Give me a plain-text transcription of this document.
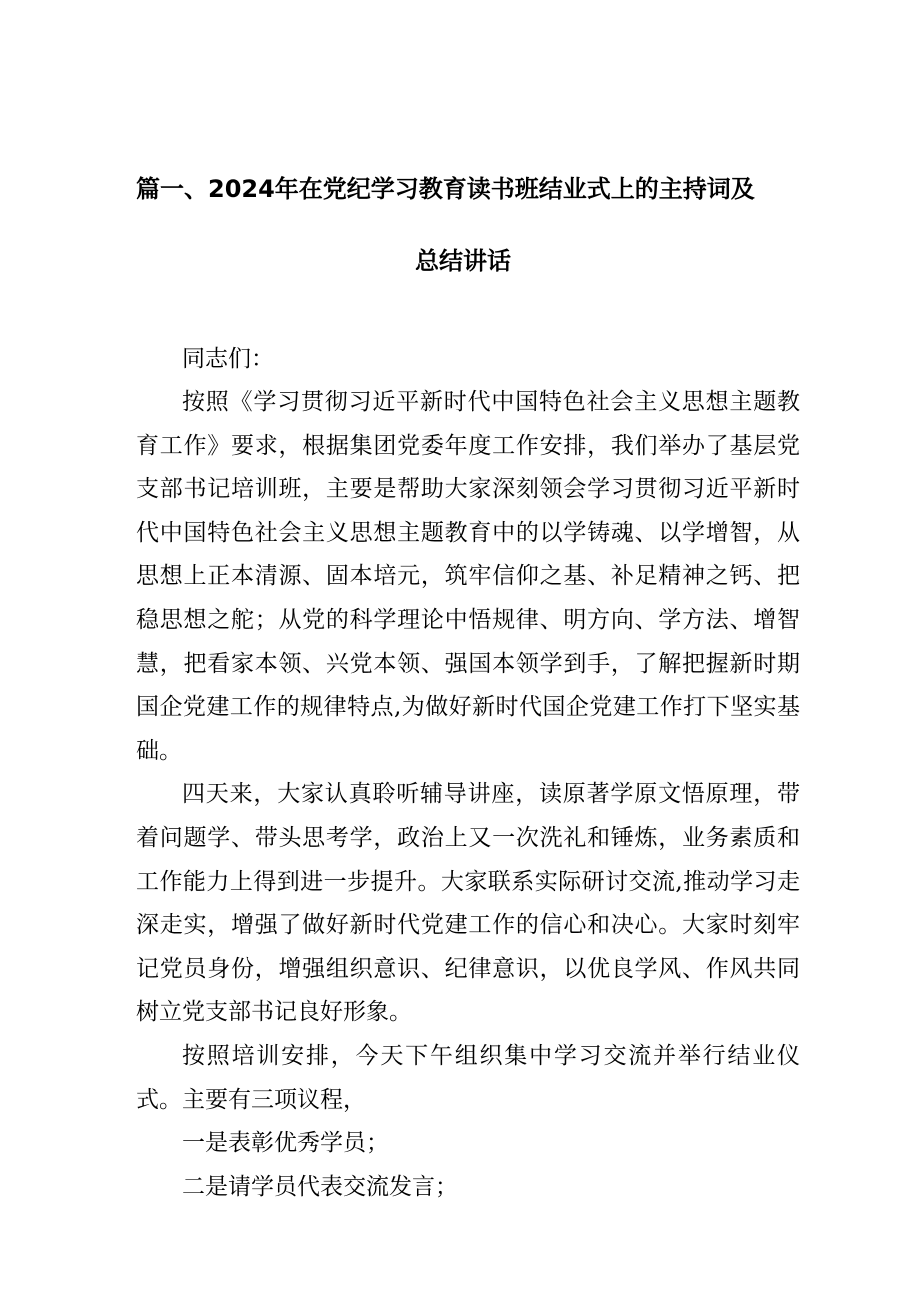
篇一、2024年在党纪学习教育读书班结业式上的主持词及
总结讲话

同志们：

按照《学习贯彻习近平新时代中国特色社会主义思想主题教育工作》要求，根据集团党委年度工作安排，我们举办了基层党支部书记培训班，主要是帮助大家深刻领会学习贯彻习近平新时代中国特色社会主义思想主题教育中的以学铸魂、以学增智，从思想上正本清源、固本培元，筑牢信仰之基、补足精神之钙、把稳思想之舵；从党的科学理论中悟规律、明方向、学方法、增智慧，把看家本领、兴党本领、强国本领学到手，了解把握新时期国企党建工作的规律特点,为做好新时代国企党建工作打下坚实基础。

四天来，大家认真聆听辅导讲座，读原著学原文悟原理，带着问题学、带头思考学，政治上又一次洗礼和锤炼，业务素质和工作能力上得到进一步提升。大家联系实际研讨交流,推动学习走深走实，增强了做好新时代党建工作的信心和决心。大家时刻牢记党员身份，增强组织意识、纪律意识，以优良学风、作风共同树立党支部书记良好形象。

按照培训安排，今天下午组织集中学习交流并举行结业仪式。主要有三项议程，

一是表彰优秀学员；

二是请学员代表交流发言；
